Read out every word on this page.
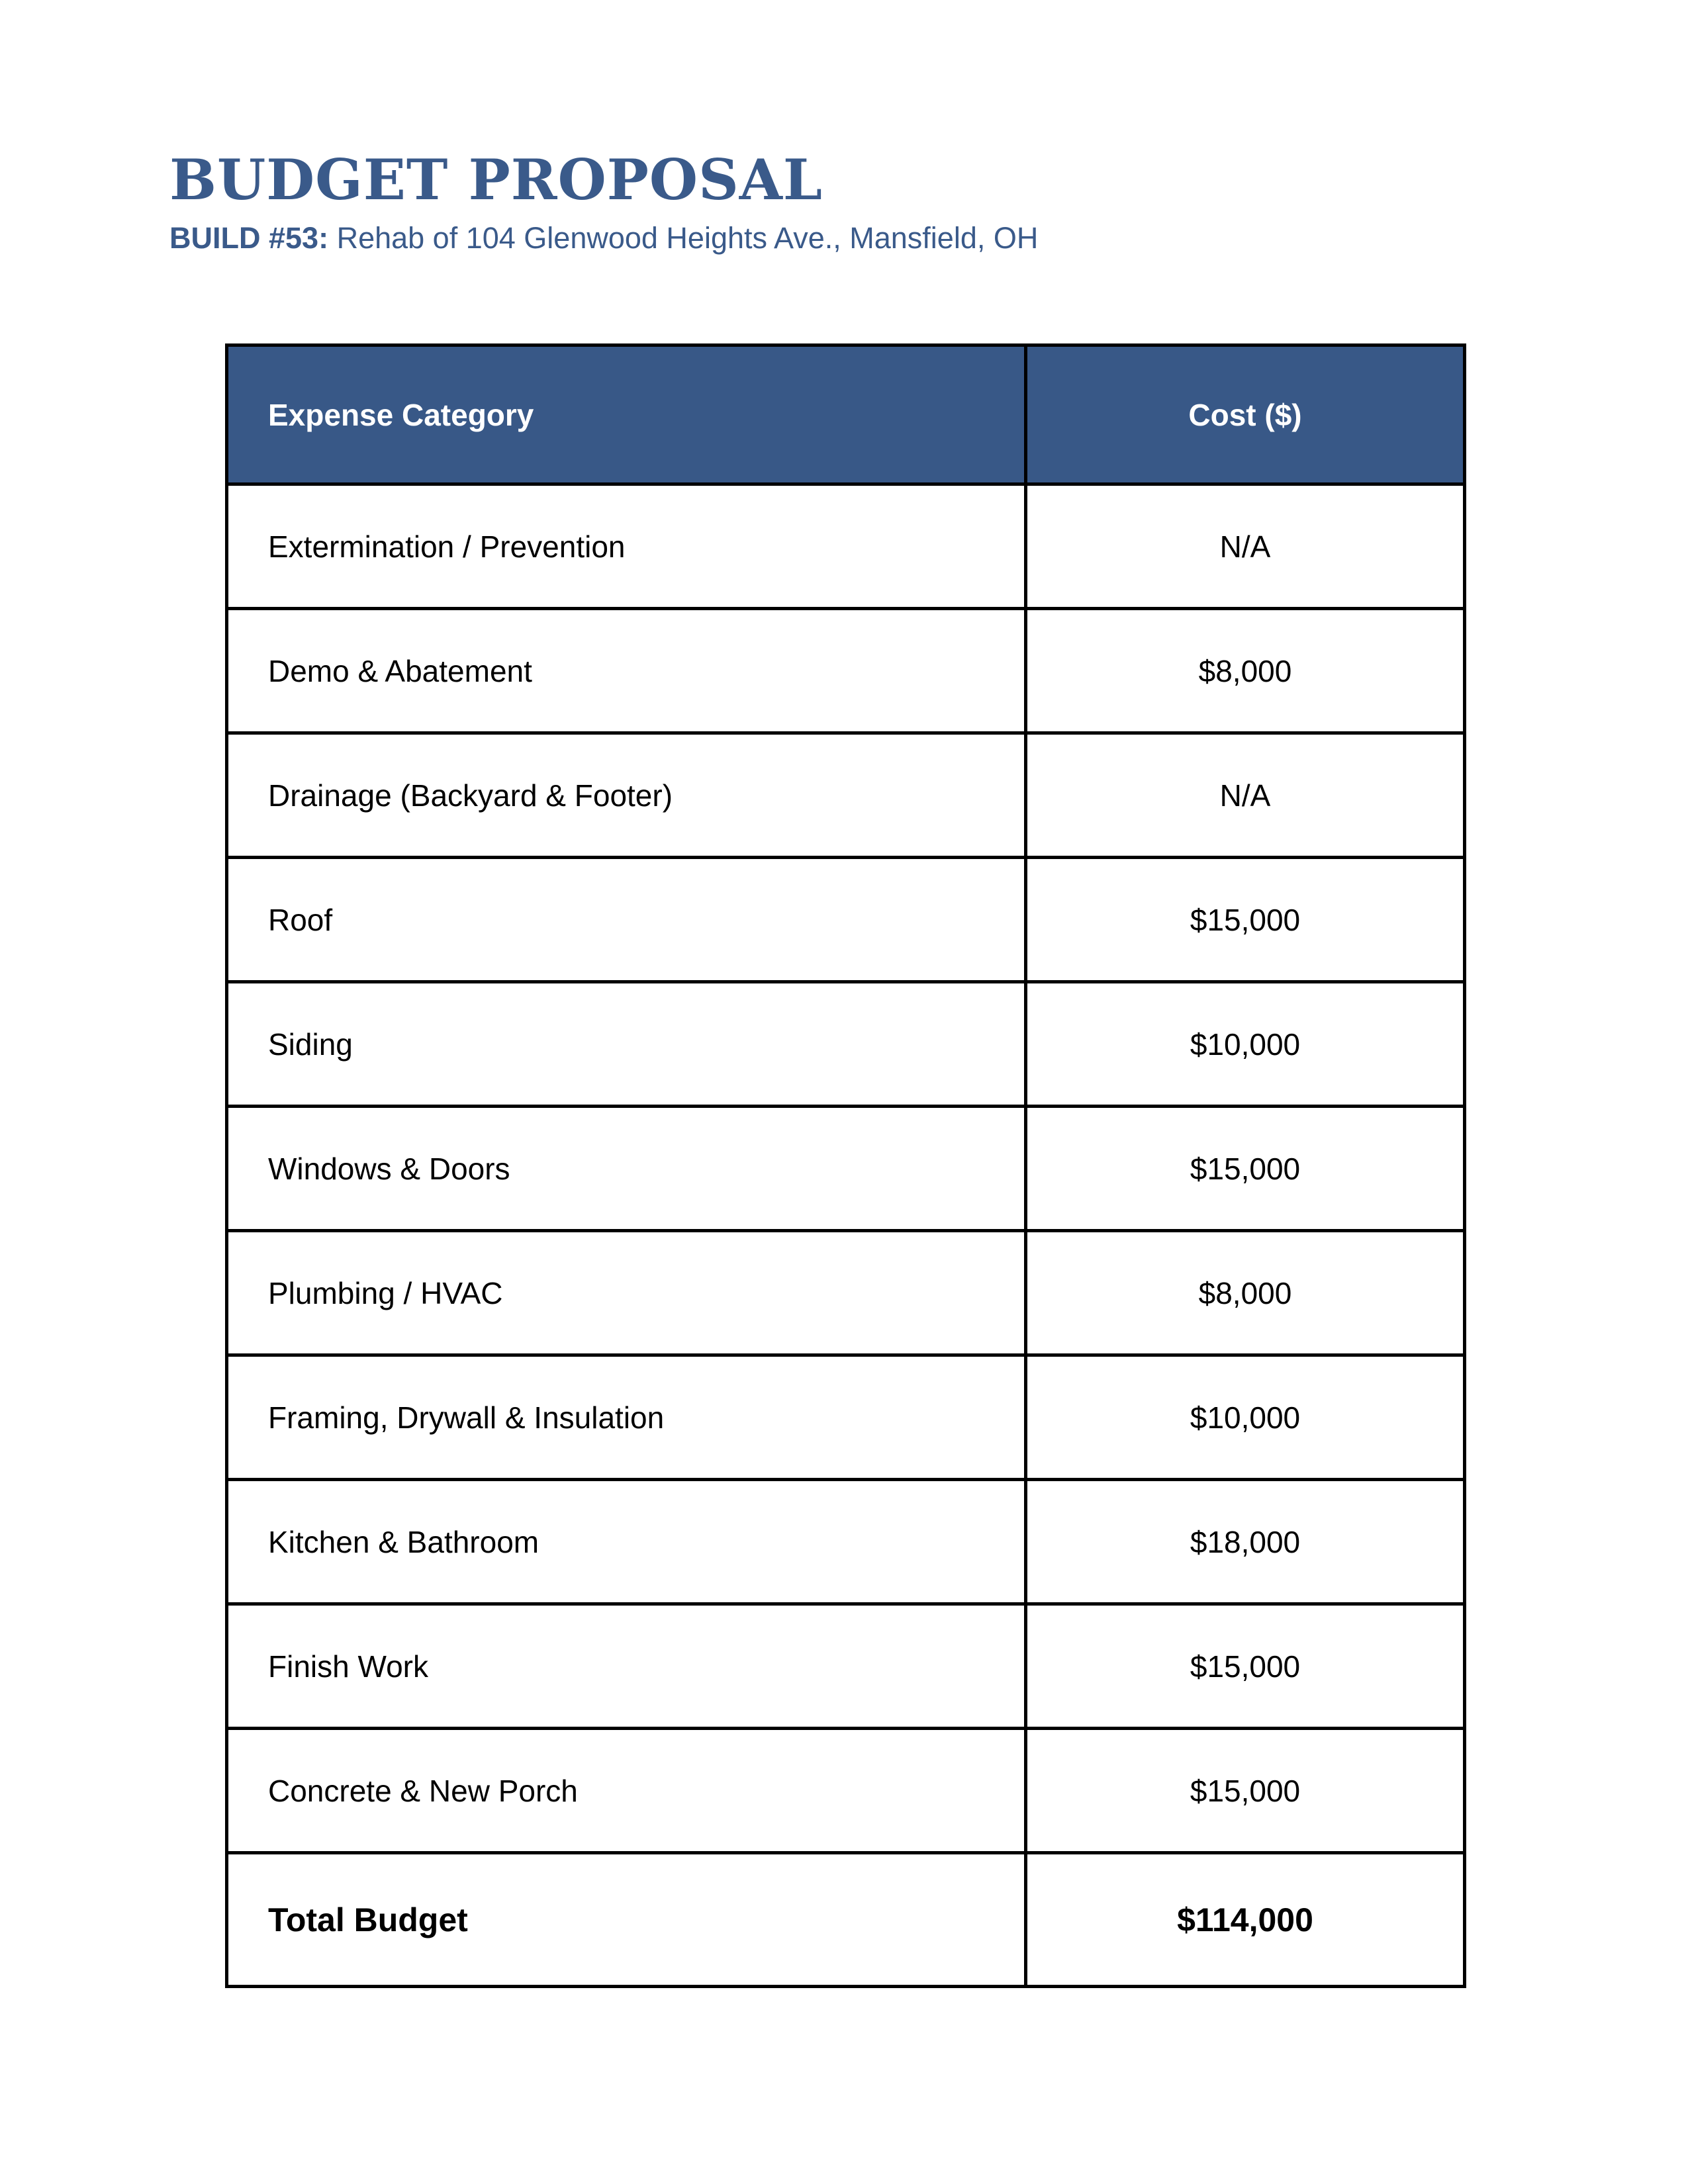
BUDGET PROPOSAL
BUILD #53: Rehab of 104 Glenwood Heights Ave., Mansfield, OH
Expense Category	Cost ($)
Extermination / Prevention	N/A
Demo & Abatement	$8,000
Drainage (Backyard & Footer)	N/A
Roof	$15,000
Siding	$10,000
Windows & Doors	$15,000
Plumbing / HVAC	$8,000
Framing, Drywall & Insulation	$10,000
Kitchen & Bathroom	$18,000
Finish Work	$15,000
Concrete & New Porch	$15,000
Total Budget	$114,000
